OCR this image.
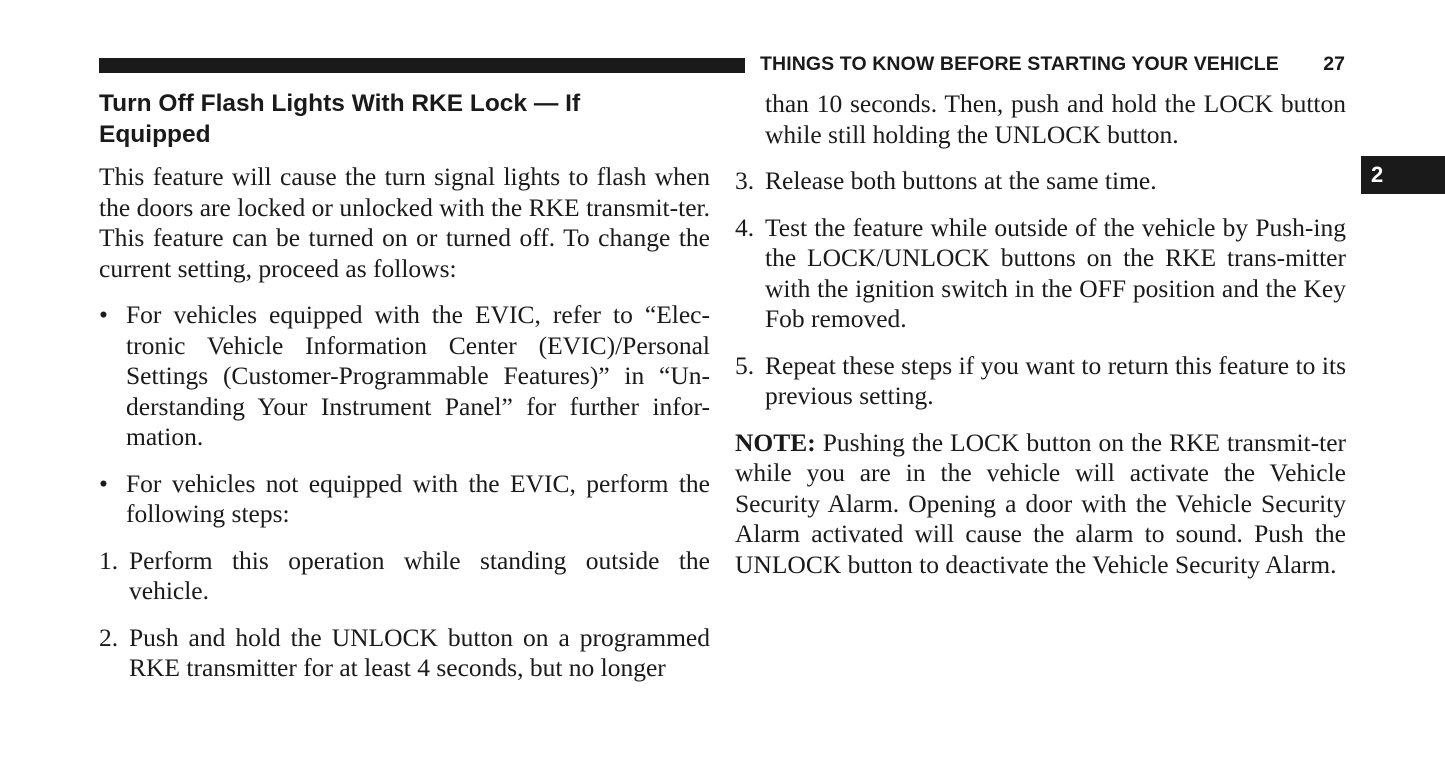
THINGS TO KNOW BEFORE STARTING YOUR VEHICLE 27
2
Turn Off Flash Lights With RKE Lock — If
Equipped

This feature will cause the turn signal lights to flash when the doors are locked or unlocked with the RKE transmit-ter. This feature can be turned on or turned off. To change the current setting, proceed as follows:

• For vehicles equipped with the EVIC, refer to “Elec-tronic Vehicle Information Center (EVIC)/Personal Settings (Customer-Programmable Features)” in “Un-derstanding Your Instrument Panel” for further infor-mation.
• For vehicles not equipped with the EVIC, perform the following steps:
1. Perform this operation while standing outside the vehicle.
2. Push and hold the UNLOCK button on a programmed RKE transmitter for at least 4 seconds, but no longer
than 10 seconds. Then, push and hold the LOCK button while still holding the UNLOCK button.
3. Release both buttons at the same time.
4. Test the feature while outside of the vehicle by Push-ing the LOCK/UNLOCK buttons on the RKE trans-mitter with the ignition switch in the OFF position and the Key Fob removed.
5. Repeat these steps if you want to return this feature to its previous setting.

NOTE: Pushing the LOCK button on the RKE transmit-ter while you are in the vehicle will activate the Vehicle Security Alarm. Opening a door with the Vehicle Security Alarm activated will cause the alarm to sound. Push the UNLOCK button to deactivate the Vehicle Security Alarm.
